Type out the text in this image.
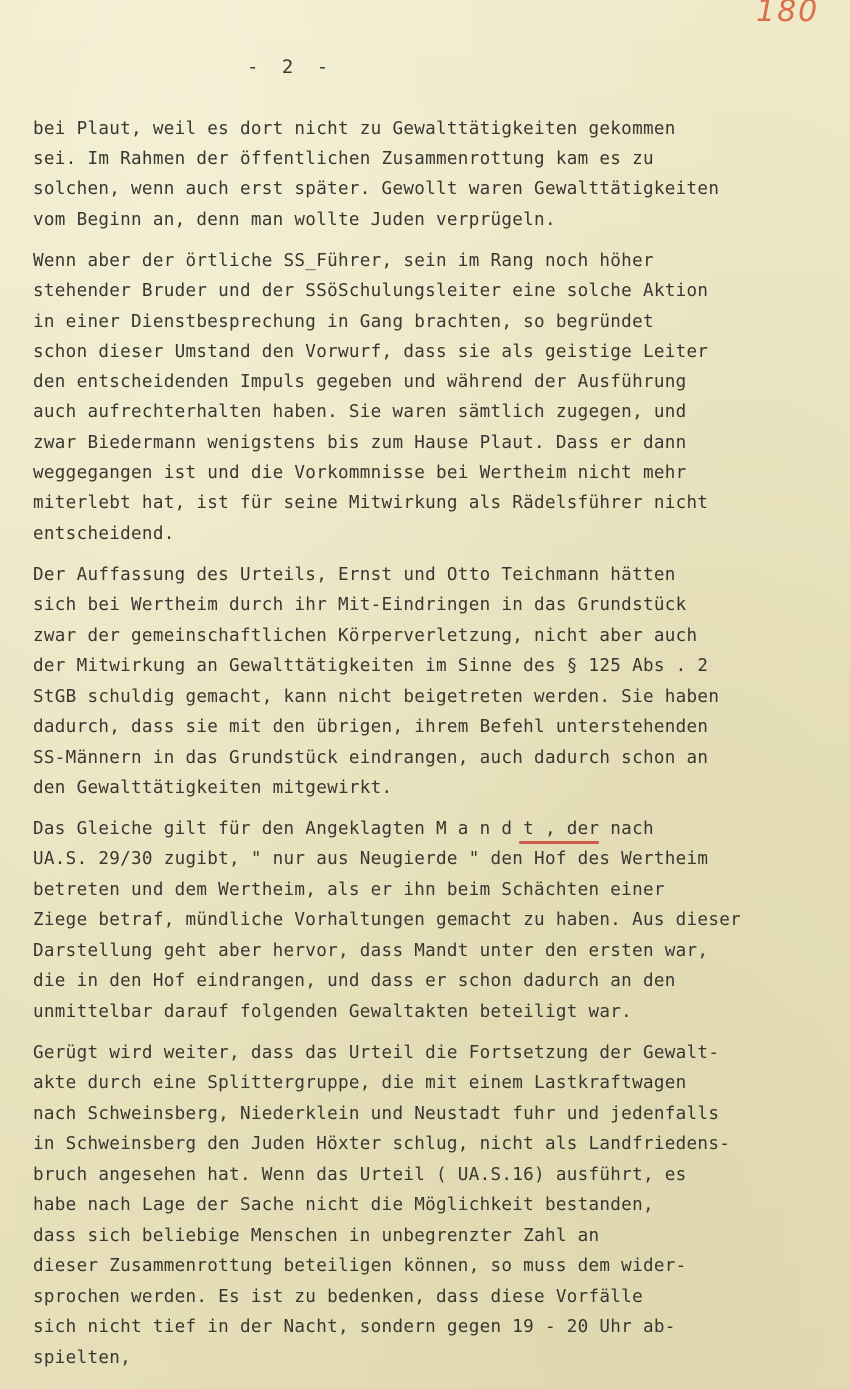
180
- 2 -
bei Plaut, weil es dort nicht zu Gewalttätigkeiten gekommen
sei. Im Rahmen der öffentlichen Zusammenrottung kam es zu
solchen, wenn auch erst später. Gewollt waren Gewalttätigkeiten
vom Beginn an, denn man wollte Juden verprügeln.
Wenn aber der örtliche SS_Führer, sein im Rang noch höher
stehender Bruder und der SSöSchulungsleiter eine solche Aktion
in einer Dienstbesprechung in Gang brachten, so begründet
schon dieser Umstand den Vorwurf, dass sie als geistige Leiter
den entscheidenden Impuls gegeben und während der Ausführung
auch aufrechterhalten haben. Sie waren sämtlich zugegen, und
zwar Biedermann wenigstens bis zum Hause Plaut. Dass er dann
weggegangen ist und die Vorkommnisse bei Wertheim nicht mehr
miterlebt hat, ist für seine Mitwirkung als Rädelsführer nicht
entscheidend.
Der Auffassung des Urteils, Ernst und Otto Teichmann hätten
sich bei Wertheim durch ihr Mit-Eindringen in das Grundstück
zwar der gemeinschaftlichen Körperverletzung, nicht aber auch
der Mitwirkung an Gewalttätigkeiten im Sinne des § 125 Abs . 2
StGB schuldig gemacht, kann nicht beigetreten werden. Sie haben
dadurch, dass sie mit den übrigen, ihrem Befehl unterstehenden
SS-Männern in das Grundstück eindrangen, auch dadurch schon an
den Gewalttätigkeiten mitgewirkt.
Das Gleiche gilt für den Angeklagten M a n d t , der nach
UA.S. 29/30 zugibt, " nur aus Neugierde " den Hof des Wertheim
betreten und dem Wertheim, als er ihn beim Schächten einer
Ziege betraf, mündliche Vorhaltungen gemacht zu haben. Aus dieser
Darstellung geht aber hervor, dass Mandt unter den ersten war,
die in den Hof eindrangen, und dass er schon dadurch an den
unmittelbar darauf folgenden Gewaltakten beteiligt war.
Gerügt wird weiter, dass das Urteil die Fortsetzung der Gewalt-
akte durch eine Splittergruppe, die mit einem Lastkraftwagen
nach Schweinsberg, Niederklein und Neustadt fuhr und jedenfalls
in Schweinsberg den Juden Höxter schlug, nicht als Landfriedens-
bruch angesehen hat. Wenn das Urteil ( UA.S.16) ausführt, es
habe nach Lage der Sache nicht die Möglichkeit bestanden,
dass sich beliebige Menschen in unbegrenzter Zahl an
dieser Zusammenrottung beteiligen können, so muss dem wider-
sprochen werden. Es ist zu bedenken, dass diese Vorfälle
sich nicht tief in der Nacht, sondern gegen 19 - 20 Uhr ab-
spielten,
